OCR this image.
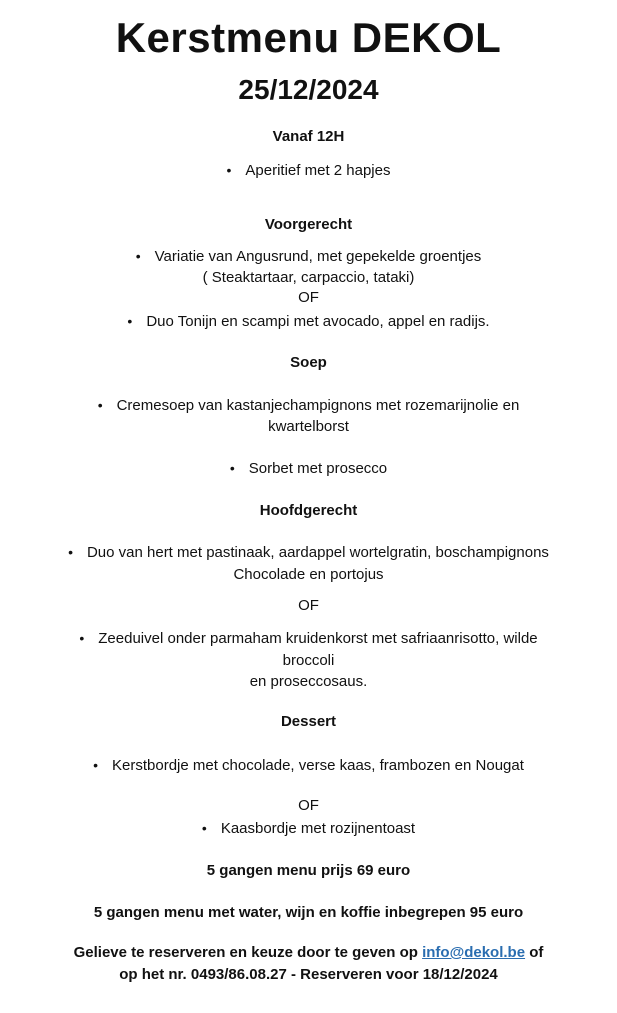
Kerstmenu DEKOL
25/12/2024
Vanaf 12H
• Aperitief met 2 hapjes
Voorgerecht
• Variatie van Angusrund, met gepekelde groentjes
( Steaktartaar, carpaccio, tataki)
OF
• Duo Tonijn en scampi met avocado, appel en radijs.
Soep
• Cremesoep van kastanjechampignons met rozemarijnolie en
kwartelborst
• Sorbet met prosecco
Hoofdgerecht
• Duo van hert met pastinaak, aardappel wortelgratin, boschampignons
Chocolade en portojus
OF
• Zeeduivel onder parmaham kruidenkorst met safriaanrisotto, wilde
broccoli
en proseccosaus.
Dessert
• Kerstbordje met chocolade, verse kaas, frambozen en Nougat
OF
• Kaasbordje met rozijnentoast
5 gangen menu prijs 69 euro
5 gangen menu met water, wijn en koffie inbegrepen 95 euro
Gelieve te reserveren en keuze door te geven op info@dekol.be of
op het nr. 0493/86.08.27 - Reserveren voor 18/12/2024
